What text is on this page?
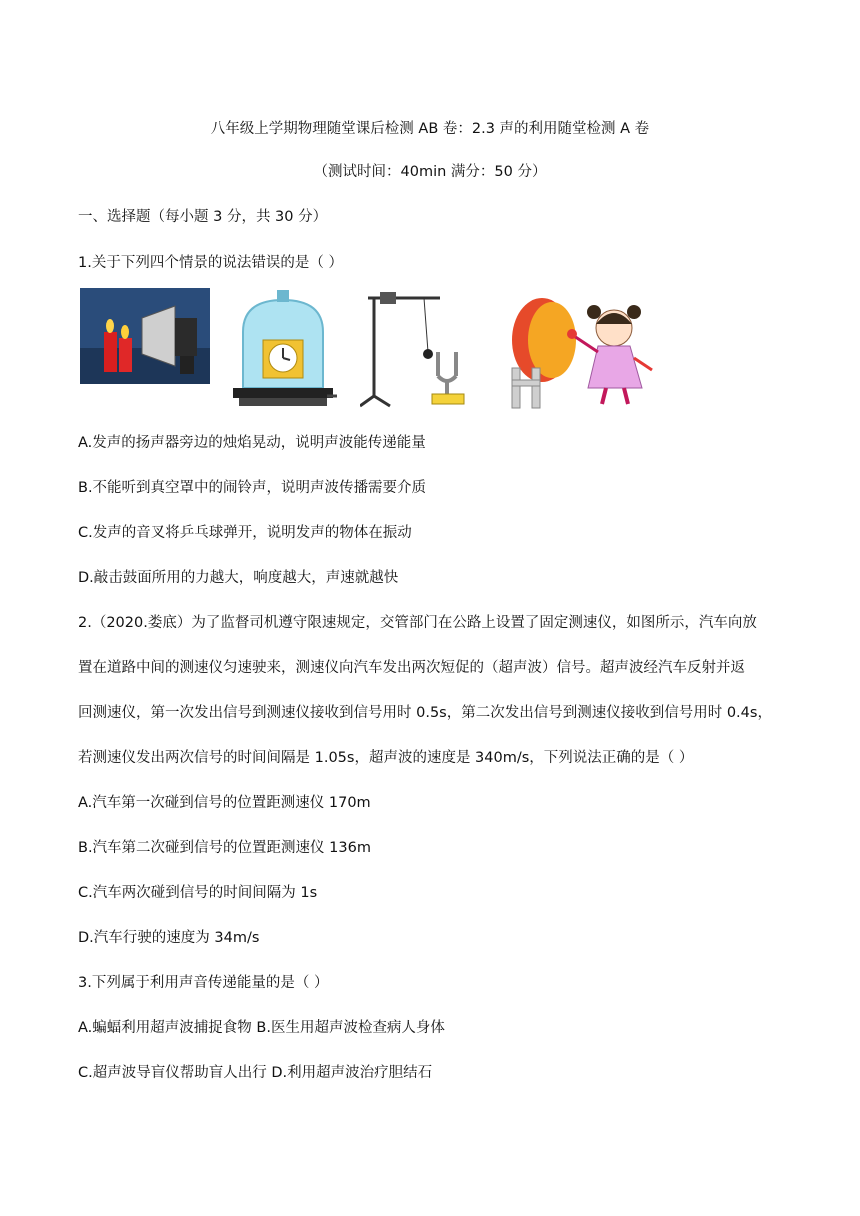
八年级上学期物理随堂课后检测 AB 卷：2.3 声的利用随堂检测 A 卷
（测试时间：40min 满分：50 分）
一、选择题（每小题 3 分，共 30 分）
1.关于下列四个情景的说法错误的是（ ）
A.发声的扬声器旁边的烛焰晃动，说明声波能传递能量
B.不能听到真空罩中的闹铃声，说明声波传播需要介质
C.发声的音叉将乒乓球弹开，说明发声的物体在振动
D.敲击鼓面所用的力越大，响度越大，声速就越快
2.（2020.娄底）为了监督司机遵守限速规定，交管部门在公路上设置了固定测速仪，如图所示，汽车向放
置在道路中间的测速仪匀速驶来，测速仪向汽车发出两次短促的（超声波）信号。超声波经汽车反射并返
回测速仪，第一次发出信号到测速仪接收到信号用时 0.5s，第二次发出信号到测速仪接收到信号用时 0.4s，
若测速仪发出两次信号的时间间隔是 1.05s，超声波的速度是 340m/s，下列说法正确的是（ ）
A.汽车第一次碰到信号的位置距测速仪 170m
B.汽车第二次碰到信号的位置距测速仪 136m
C.汽车两次碰到信号的时间间隔为 1s
D.汽车行驶的速度为 34m/s
3.下列属于利用声音传递能量的是（ ）
A.蝙蝠利用超声波捕捉食物 B.医生用超声波检查病人身体
C.超声波导盲仪帮助盲人出行 D.利用超声波治疗胆结石
